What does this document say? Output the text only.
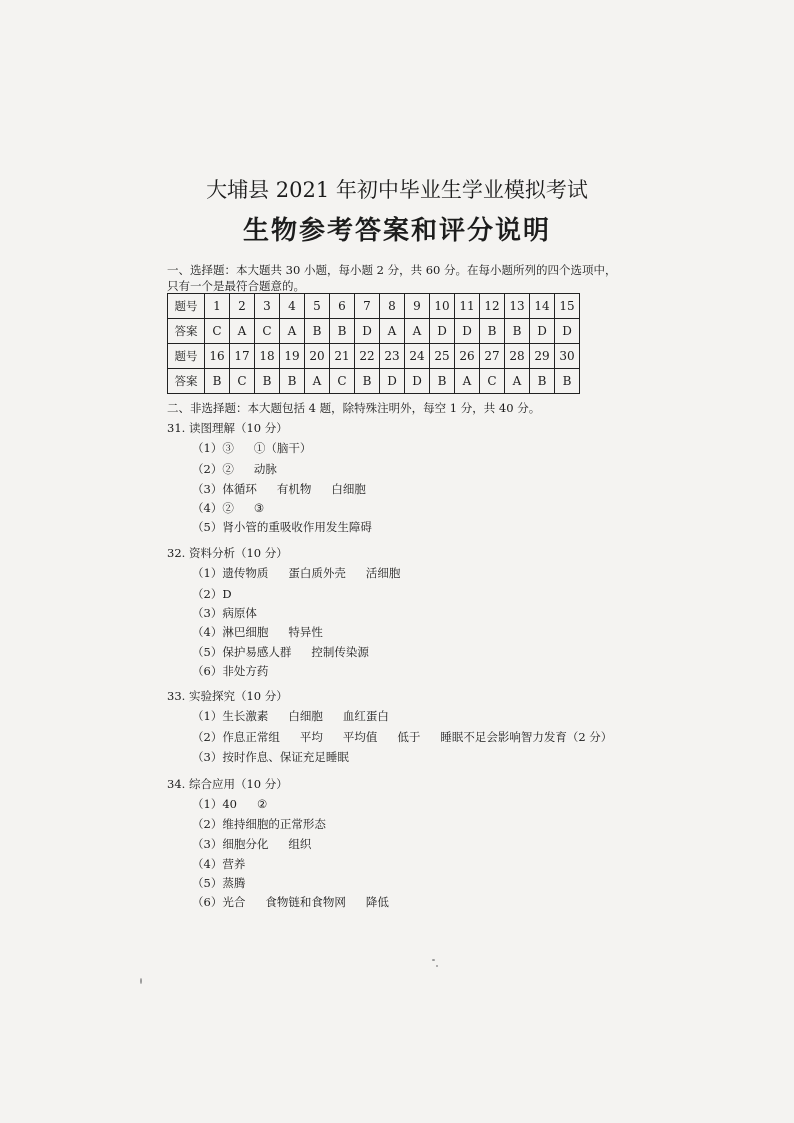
大埔县 2021 年初中毕业生学业模拟考试
生物参考答案和评分说明
一、选择题：本大题共 30 小题，每小题 2 分，共 60 分。在每小题所列的四个选项中，只有一个是最符合题意的。
题号	1	2	3	4	5	6	7	8	9	10	11	12	13	14	15
答案	C	A	C	A	B	B	D	A	A	D	D	B	B	D	D
题号	16	17	18	19	20	21	22	23	24	25	26	27	28	29	30
答案	B	C	B	B	A	C	B	D	D	B	A	C	A	B	B
二、非选择题：本大题包括 4 题，除特殊注明外，每空 1 分，共 40 分。
31. 读图理解（10 分）
（1）③ ①（脑干）
（2）② 动脉
（3）体循环 有机物 白细胞
（4）② ③
（5）肾小管的重吸收作用发生障碍
32. 资料分析（10 分）
（1）遗传物质 蛋白质外壳 活细胞
（2）D
（3）病原体
（4）淋巴细胞 特异性
（5）保护易感人群 控制传染源
（6）非处方药
33. 实验探究（10 分）
（1）生长激素 白细胞 血红蛋白
（2）作息正常组 平均 平均值 低于 睡眠不足会影响智力发育（2 分）
（3）按时作息、保证充足睡眠
34. 综合应用（10 分）
（1）40 ②
（2）维持细胞的正常形态
（3）细胞分化 组织
（4）营养
（5）蒸腾
（6）光合 食物链和食物网 降低
